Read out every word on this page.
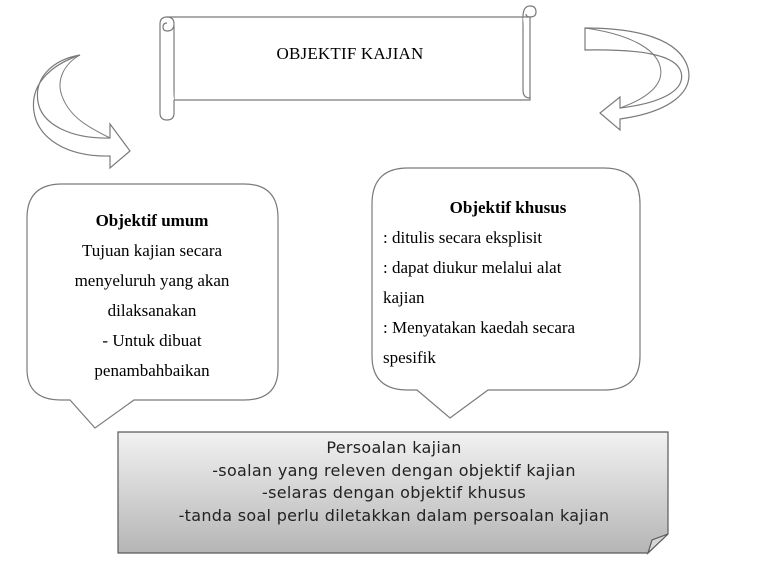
OBJEKTIF KAJIAN
Objektif umum
Tujuan kajian secara
menyeluruh yang akan
dilaksanakan
- Untuk dibuat
penambahbaikan
Objektif khusus
: ditulis secara eksplisit
: dapat diukur melalui alat
kajian
: Menyatakan kaedah secara
spesifik
Persoalan kajian
-soalan yang releven dengan objektif kajian
-selaras dengan objektif khusus
-tanda soal perlu diletakkan dalam persoalan kajian
